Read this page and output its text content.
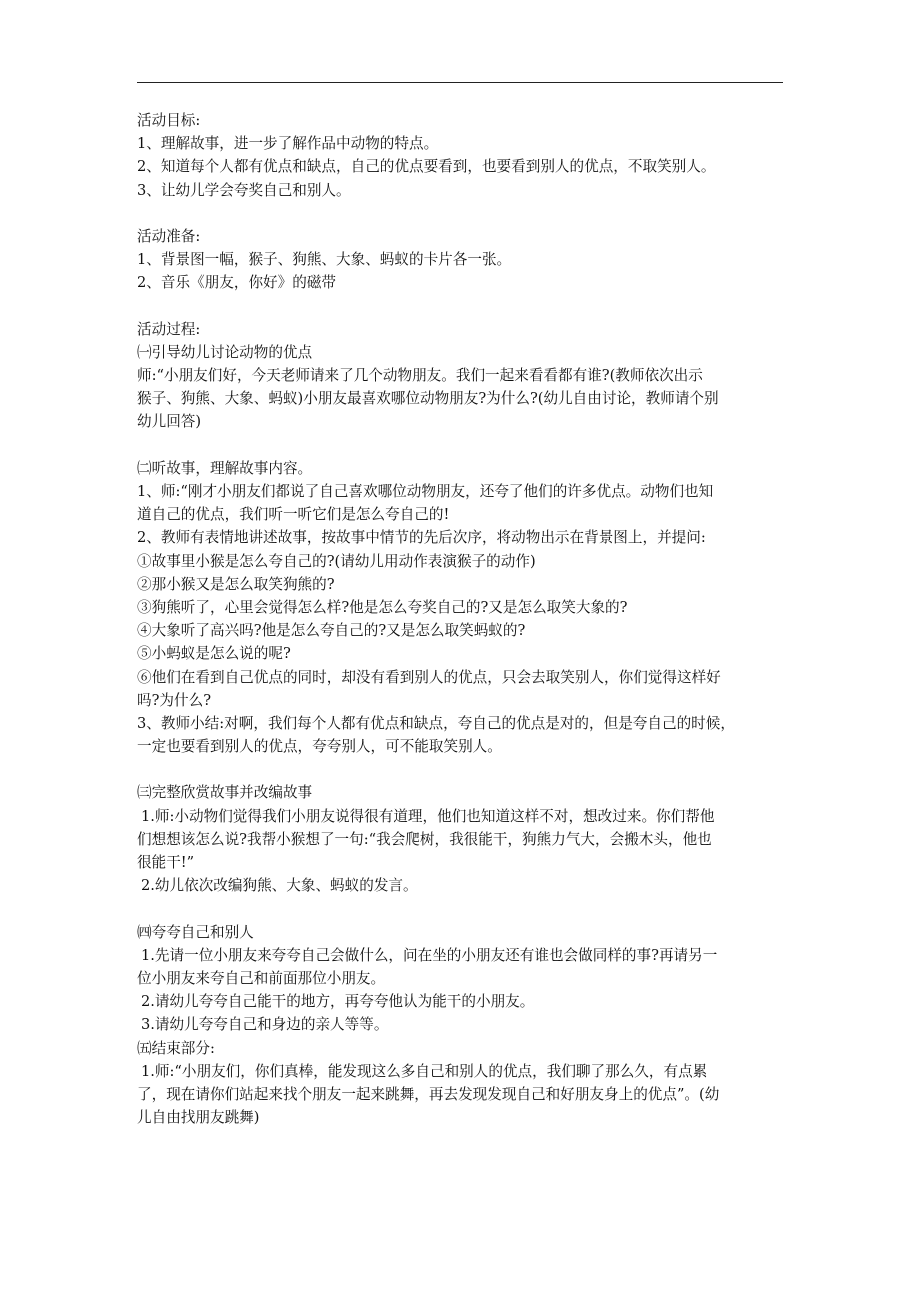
活动目标:
1、理解故事，进一步了解作品中动物的特点。
2、知道每个人都有优点和缺点，自己的优点要看到，也要看到别人的优点，不取笑别人。
3、让幼儿学会夸奖自己和别人。
活动准备:
1、背景图一幅，猴子、狗熊、大象、蚂蚁的卡片各一张。
2、音乐《朋友，你好》的磁带
活动过程:
㈠引导幼儿讨论动物的优点
师:“小朋友们好，今天老师请来了几个动物朋友。我们一起来看看都有谁?(教师依次出示
猴子、狗熊、大象、蚂蚁)小朋友最喜欢哪位动物朋友?为什么?(幼儿自由讨论，教师请个别
幼儿回答)
㈡听故事，理解故事内容。
1、师:“刚才小朋友们都说了自己喜欢哪位动物朋友，还夸了他们的许多优点。动物们也知
道自己的优点，我们听一听它们是怎么夸自己的!
2、教师有表情地讲述故事，按故事中情节的先后次序，将动物出示在背景图上，并提问:
①故事里小猴是怎么夸自己的?(请幼儿用动作表演猴子的动作)
②那小猴又是怎么取笑狗熊的?
③狗熊听了，心里会觉得怎么样?他是怎么夸奖自己的?又是怎么取笑大象的?
④大象听了高兴吗?他是怎么夸自己的?又是怎么取笑蚂蚁的?
⑤小蚂蚁是怎么说的呢?
⑥他们在看到自己优点的同时，却没有看到别人的优点，只会去取笑别人，你们觉得这样好
吗?为什么?
3、教师小结:对啊，我们每个人都有优点和缺点，夸自己的优点是对的，但是夸自己的时候，
一定也要看到别人的优点，夸夸别人，可不能取笑别人。
㈢完整欣赏故事并改编故事
1.师:小动物们觉得我们小朋友说得很有道理，他们也知道这样不对，想改过来。你们帮他
们想想该怎么说?我帮小猴想了一句:“我会爬树，我很能干，狗熊力气大，会搬木头，他也
很能干!”
2.幼儿依次改编狗熊、大象、蚂蚁的发言。
㈣夸夸自己和别人
1.先请一位小朋友来夸夸自己会做什么，问在坐的小朋友还有谁也会做同样的事?再请另一
位小朋友来夸自己和前面那位小朋友。
2.请幼儿夸夸自己能干的地方，再夸夸他认为能干的小朋友。
3.请幼儿夸夸自己和身边的亲人等等。
㈤结束部分:
1.师:“小朋友们，你们真棒，能发现这么多自己和别人的优点，我们聊了那么久，有点累
了，现在请你们站起来找个朋友一起来跳舞，再去发现发现自己和好朋友身上的优点”。(幼
儿自由找朋友跳舞)
